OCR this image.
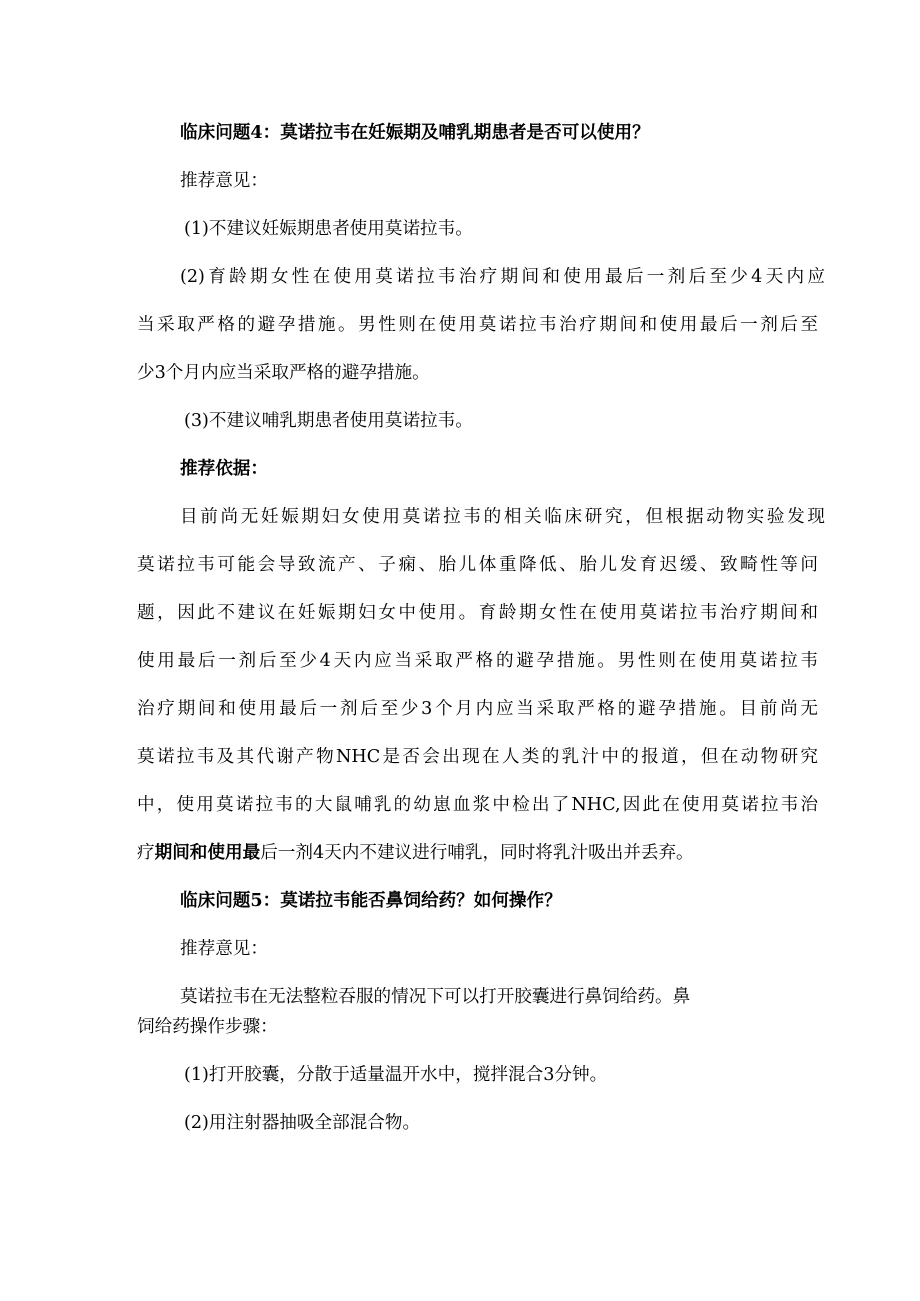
临床问题4：莫诺拉韦在妊娠期及哺乳期患者是否可以使用？
推荐意见：
(1)不建议妊娠期患者使用莫诺拉韦。
(2)育龄期女性在使用莫诺拉韦治疗期间和使用最后一剂后至少4天内应
当采取严格的避孕措施。男性则在使用莫诺拉韦治疗期间和使用最后一剂后至
少3个月内应当采取严格的避孕措施。
(3)不建议哺乳期患者使用莫诺拉韦。
推荐依据：
目前尚无妊娠期妇女使用莫诺拉韦的相关临床研究，但根据动物实验发现
莫诺拉韦可能会导致流产、子痫、胎儿体重降低、胎儿发育迟缓、致畸性等问
题，因此不建议在妊娠期妇女中使用。育龄期女性在使用莫诺拉韦治疗期间和
使用最后一剂后至少4天内应当采取严格的避孕措施。男性则在使用莫诺拉韦
治疗期间和使用最后一剂后至少3个月内应当采取严格的避孕措施。目前尚无
莫诺拉韦及其代谢产物NHC是否会出现在人类的乳汁中的报道，但在动物研究
中，使用莫诺拉韦的大鼠哺乳的幼崽血浆中检出了NHC,因此在使用莫诺拉韦治
疗期间和使用最后一剂4天内不建议进行哺乳，同时将乳汁吸出并丢弃。
临床问题5：莫诺拉韦能否鼻饲给药？如何操作？
推荐意见：
莫诺拉韦在无法整粒吞服的情况下可以打开胶囊进行鼻饲给药。鼻
饲给药操作步骤：
(1)打开胶囊，分散于适量温开水中，搅拌混合3分钟。
(2)用注射器抽吸全部混合物。
